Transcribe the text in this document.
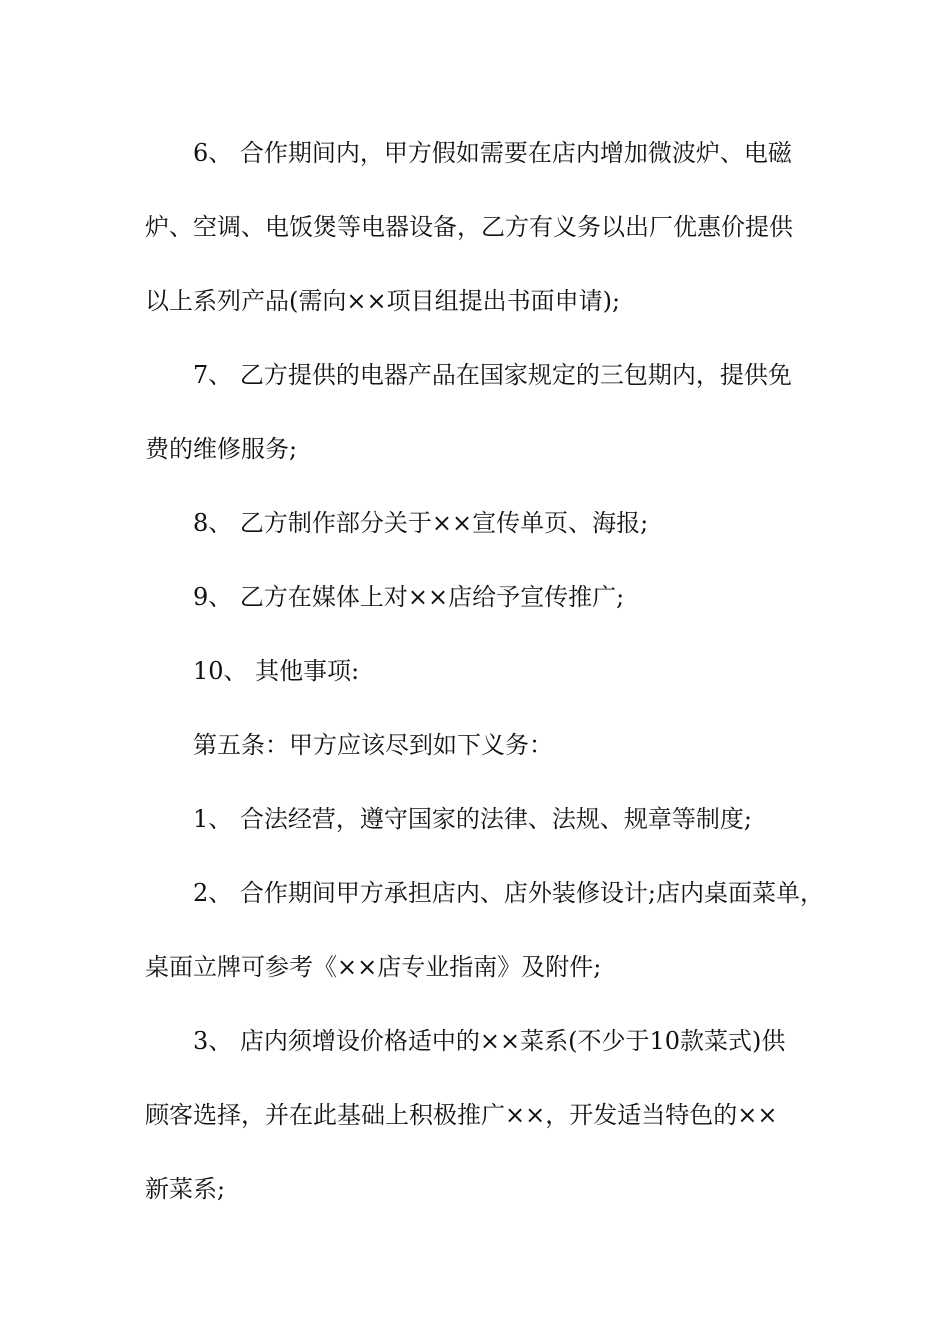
6、 合作期间内，甲方假如需要在店内增加微波炉、电磁
炉、空调、电饭煲等电器设备，乙方有义务以出厂优惠价提供
以上系列产品(需向××项目组提出书面申请);
7、 乙方提供的电器产品在国家规定的三包期内，提供免
费的维修服务;
8、 乙方制作部分关于××宣传单页、海报;
9、 乙方在媒体上对××店给予宣传推广;
10、 其他事项:
第五条：甲方应该尽到如下义务：
1、 合法经营，遵守国家的法律、法规、规章等制度;
2、 合作期间甲方承担店内、店外装修设计;店内桌面菜单，
桌面立牌可参考《××店专业指南》及附件;
3、 店内须增设价格适中的××菜系(不少于10款菜式)供
顾客选择，并在此基础上积极推广××，开发适当特色的××
新菜系;
